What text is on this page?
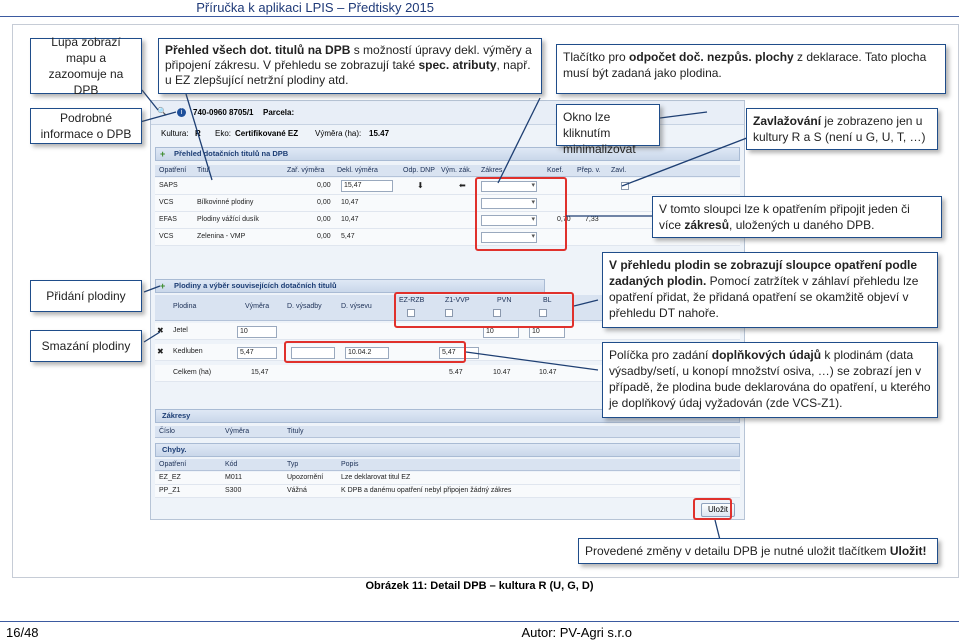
Příručka k aplikaci LPIS – Předtisky 2015
🔍	i	740-0960 8705/1 Parcela:
Kultura: R Eko: Certifikované EZ Výměra (ha): 15.47
+	Přehled dotačních titulů na DPB
Opatření Titul	Zař. výměra Dekl. výměra	Odp. DNP Vým. zák. Zákres	Koef. Přep. v. Zavl.
SAPS	0,00	15,47	⬇	⬅
▾
VCS	Bílkovinné plodiny	0,00 10,47
▾
EFAS	Plodiny vážící dusík	0,00 10,47
▾	0,70 7,33
VCS	Zelenina - VMP	0,00 5,47
▾
+	Plodiny a výběr souvisejících dotačních titulů
Plodina	Výměra	D. výsadby	D. výsevu
EZ-RZB	Z1-VVP	PVN	BL
✖ Jetel	10	10	10
✖ Kedluben	5,47	10.04.2	5,47
Celkem (ha)	15,47	5.47	10.47	10.47
Zákresy
Číslo	Výměra	Tituly
Chyby.
Opatření	Kód	Typ	Popis
EZ_EZ	M011	Upozornění	Lze deklarovat titul EZ
PP_Z1	S300	Vážná	K DPB a danému opatření nebyl připojen žádný zákres
Uložit
Lupa zobrazí mapu a zazoomuje na DPB
Podrobné informace o DPB
Přidání plodiny
Smazání plodiny
Přehled všech dot. titulů na DPB s možností úpravy dekl. výměry a připojení zákresu. V přehledu se zobrazují také spec. atributy, např. u EZ zlepšující netržní plodiny atd.
Tlačítko pro odpočet doč. nezpůs. plochy z deklarace. Tato plocha musí být zadaná jako plodina.
Okno lze kliknutím minimalizovat
Zavlažování je zobrazeno jen u kultury R a S (není u G, U, T, …)
V tomto sloupci lze k opatřením připojit jeden či více zákresů, uložených u daného DPB.
V přehledu plodin se zobrazují sloupce opatření podle zadaných plodin. Pomocí zatržítek v záhlaví přehledu lze opatření přidat, že přidaná opatření se okamžitě objeví v přehledu DT nahoře.
Políčka pro zadání doplňkových údajů k plodinám (data výsadby/setí, u konopí množství osiva, …) se zobrazí jen v případě, že plodina bude deklarována do opatření, u kterého je doplňkový údaj vyžadován (zde VCS-Z1).
Provedené změny v detailu DPB je nutné uložit tlačítkem Uložit!
Obrázek 11: Detail DPB – kultura R (U, G, D)
16/48	Autor: PV-Agri s.r.o
